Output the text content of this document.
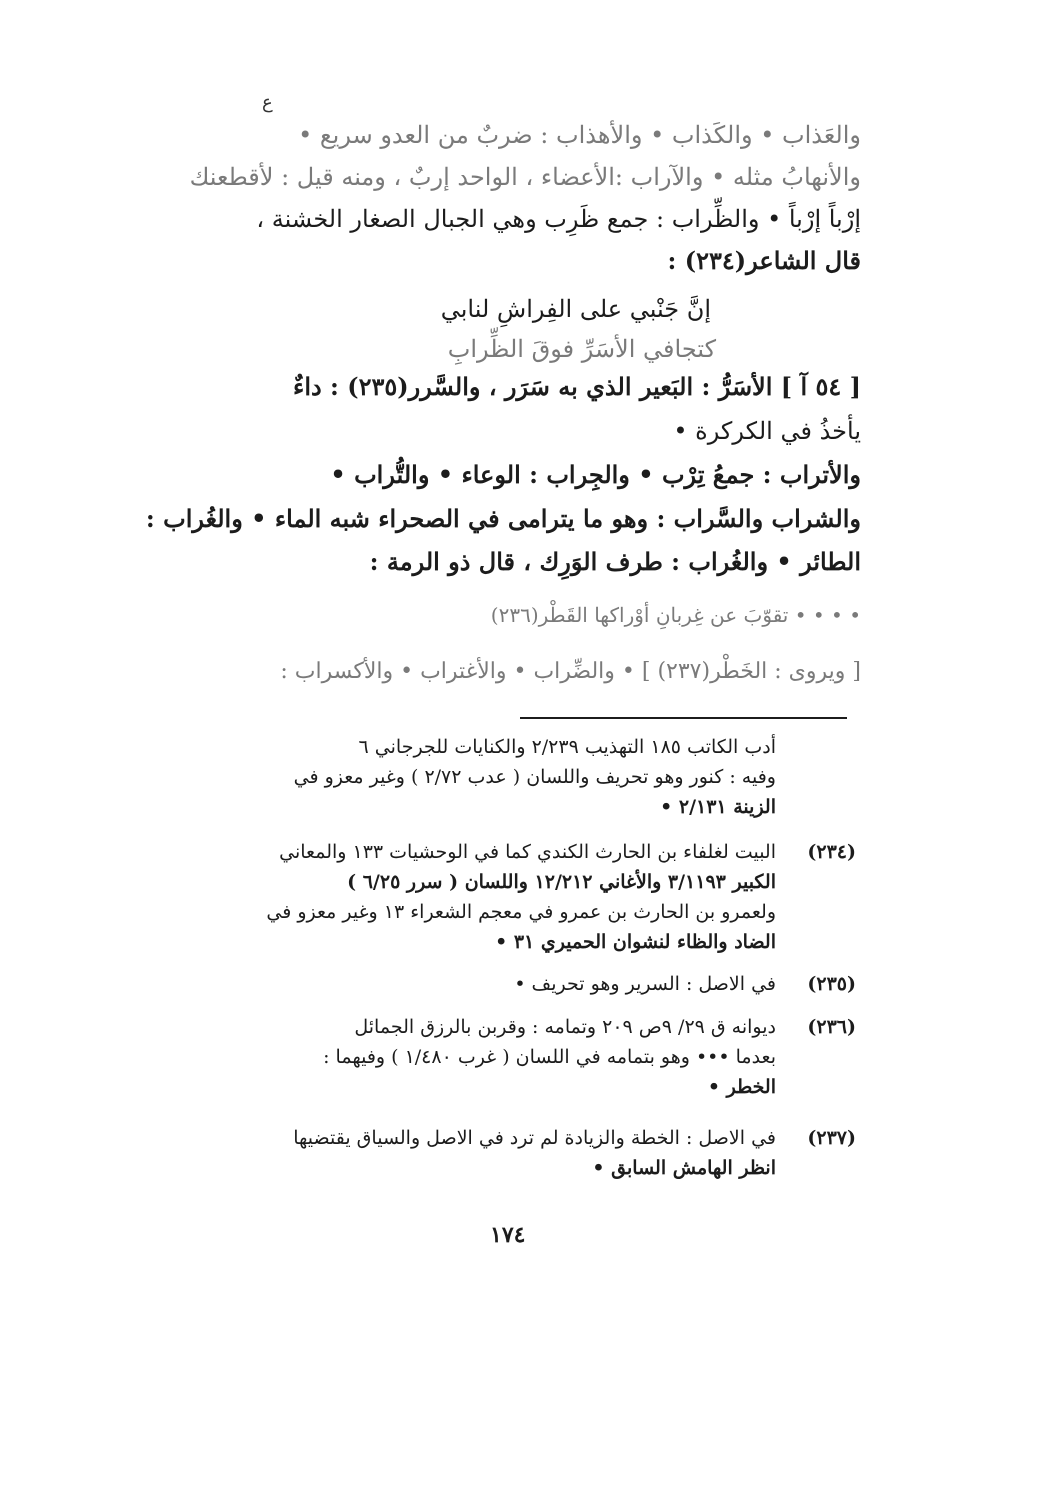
ع
والعَذاب • والكَذاب • والأهذاب : ضربٌ من العدو سريع •
والأنهابُ مثله • والآراب :الأعضاء ، الواحد إربٌ ، ومنه قيل : لأقطعنك
إرْباً إرْباً • والظِّراب : جمع ظَرِب وهي الجبال الصغار الخشنة ،
قال الشاعر(٢٣٤) :
إنَّ جَنْبي على الفِراشِ لنابي
كتجافي الأسَرِّ فوقَ الظِّرابِ
[ ٥٤ آ ] الأسَرُّ : البَعير الذي به سَرَر ، والسَّرر(٢٣٥) : داءٌ
يأخذُ في الكركرة •
والأتراب : جمعُ تِرْب • والجِراب : الوعاء • والتُّراب •
والشراب والسَّراب : وهو ما يترامى في الصحراء شبه الماء • والغُراب :
الطائر • والغُراب : طرف الوَرِك ، قال ذو الرمة :
• • • • تقوّبَ عن غِربانِ أوْراكها القَطْر(٢٣٦)
[ ويروى : الخَطْر(٢٣٧) ] • والضِّراب • والأغتراب • والأكسراب :
أدب الكاتب ١٨٥ التهذيب ٢/٢٣٩ والكنايات للجرجاني ٦
وفيه : كنور وهو تحريف واللسان ( عدب ٢/٧٢ ) وغير معزو في
الزينة ٢/١٣١ •
(٢٣٤)
البيت لغلفاء بن الحارث الكندي كما في الوحشيات ١٣٣ والمعاني
الكبير ٣/١١٩٣ والأغاني ١٢/٢١٢ واللسان ( سرر ٦/٢٥ )
ولعمرو بن الحارث بن عمرو في معجم الشعراء ١٣ وغير معزو في
الضاد والظاء لنشوان الحميري ٣١ •
(٢٣٥)
في الاصل : السرير وهو تحريف •
(٢٣٦)
ديوانه ق ٢٩/ ٩ص ٢٠٩ وتمامه : وقربن بالرزق الجمائل
بعدما ••• وهو بتمامه في اللسان ( غرب ١/٤٨٠ ) وفيهما :
الخطر •
(٢٣٧)
في الاصل : الخطة والزيادة لم ترد في الاصل والسياق يقتضيها
انظر الهامش السابق •
١٧٤
